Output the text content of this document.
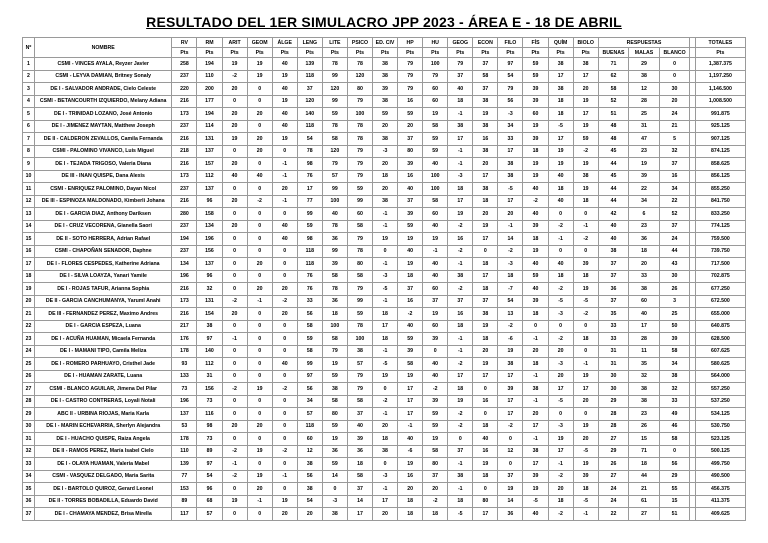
RESULTADO DEL 1ER SIMULACRO JPP 2023 - ÁREA E - 18 DE ABRIL
Nº	NOMBRE	RV	RM	ARIT	GEOM	ÁLGE	LENG	LITE	PSICO	ED. CIV	HP	HU	GEOG	ECON	FILO	FÍS	QUÍM	BIOLO	RESPUESTAS				TOTALES
		Pts	Pts	Pts	Pts	Pts	Pts	Pts	Pts	Pts	Pts	Pts	Pts	Pts	Pts	Pts	Pts	Pts	BUENAS	MALAS	BLANCO		Pts
1	CSMI - VINCES AYALA, Reyzer Javier	258	194	19	19	40	139	78	78	38	79	100	79	37	97	59	38	38	71	29	0		1,387.375
2	CSMI - LEYVA DAMIAN, Britney Sonaly	237	110	-2	19	19	118	99	120	38	79	79	37	58	54	59	17	17	62	38	0		1,197.250
3	DE I - SALVADOR ANDRADE, Cielo Celeste	220	200	20	0	40	37	120	80	39	79	60	40	37	79	39	38	20	58	12	30		1,146.500
4	CSMI - BETANCOURTH IZQUIERDO, Melany Adiana	216	177	0	0	19	120	99	79	38	16	60	18	38	56	39	18	19	52	28	20		1,008.500
5	DE I - TRINIDAD LOZANO, José Antonio	173	194	20	20	40	140	59	100	59	59	19	-1	19	-3	60	18	17	51	25	24		991.875
6	DE I - JIMENEZ MAYTAN, Matthew Joseph	237	114	20	0	40	118	78	78	20	20	58	38	38	34	19	-5	19	48	31	21		925.125
7	DE II - CALDERON ZEVALLOS, Camila Fernanda	216	131	19	20	19	54	58	78	38	37	59	17	16	33	39	17	59	48	47	5		907.125
8	CSMI - PALOMINO VIVANCO, Luis Miguel	218	137	0	20	0	78	120	79	-3	80	59	-1	38	17	18	19	-2	45	23	32		874.125
9	DE I - TEJADA TRIGOSO, Valeria Diana	216	157	20	0	-1	98	79	79	20	39	40	-1	20	38	19	19	19	44	19	37		858.625
10	DE III - INAN QUISPE, Dana Alexis	173	112	40	40	-1	76	57	79	18	16	100	-3	17	38	19	40	38	45	39	16		856.125
11	CSMI - ENRIQUEZ PALOMINO, Dayan Nicol	237	137	0	0	20	17	99	59	20	40	100	18	38	-5	40	18	19	44	22	34		855.250
12	DE III - ESPINOZA MALDONADO, Kimberli Johana	216	96	20	-2	-1	77	100	99	38	37	58	17	18	17	-2	40	18	44	34	22		841.750
13	DE I - GARCIA DIAZ, Anthony Dariksen	280	158	0	0	0	99	40	60	-1	39	60	19	20	20	40	0	0	42	6	52		833.250
14	DE I - CRUZ VECORENA, Gianella Saori	237	134	20	0	40	59	78	58	-1	59	40	-2	19	-1	39	-2	-1	40	23	37		774.125
15	DE II - SOTO HERRERA, Adrian Rafael	194	196	0	0	40	98	36	79	19	19	19	16	17	14	18	-1	-2	40	36	24		759.500
16	CSMI - CHAPOÑAN SENADOR, Daphne	237	156	0	0	0	118	99	78	0	40	-1	-2	0	-2	19	0	0	38	18	44		739.750
17	DE I - FLORES CESPEDES, Katherine Adriana	134	137	0	20	0	118	39	80	-1	19	40	-1	18	-3	40	40	39	37	20	43		717.500
18	DE I - SILVA LOAYZA, Yanari Yamile	196	96	0	0	0	76	58	58	-3	18	40	38	17	18	59	18	18	37	33	30		702.875
19	DE I - ROJAS TAFUR, Arianna Sophia	216	32	0	20	20	76	78	79	-5	37	60	-2	18	-7	40	-2	19	36	38	26		677.250
20	DE II - GARCIA CANCHUMANYA, Yaruml Anahi	173	131	-2	-1	-2	33	36	99	-1	16	37	37	37	54	39	-5	-5	37	60	3		672.500
21	DE III - FERNANDEZ PEREZ, Maximo Andres	216	154	20	0	20	56	18	59	18	-2	19	16	38	13	18	-3	-2	35	40	25		655.000
22	DE I - GARCIA ESPEZA, Luana	217	38	0	0	0	58	100	78	17	40	60	18	19	-2	0	0	0	33	17	50		640.875
23	DE I - ACUÑA HUAMAN, Micaela Fernanda	176	97	-1	0	0	59	58	100	18	59	39	-1	18	-6	-1	-2	18	33	28	39		628.500
24	DE I - MAMANI TIPO, Camila Meliza	178	140	0	0	0	58	79	38	-1	39	0	-1	20	19	20	20	0	31	11	58		607.625
25	DE I - ROMERO PARHUAYO, Cristhel Jade	93	112	0	0	40	99	19	57	-5	58	40	-2	19	38	18	-3	-1	31	35	34		580.625
26	DE I - HUAMAN ZARATE, Luana	133	31	0	0	0	97	59	79	19	19	40	17	17	17	-1	20	19	30	32	38		564.000
27	CSMI - BLANCO AGUILAR, Jimena Del Pilar	73	156	-2	19	-2	56	38	79	0	17	-2	18	0	39	38	17	17	30	38	32		557.250
28	DE I - CASTRO CONTRERAS, Loyali Notali	196	73	0	0	0	34	58	58	-2	17	39	19	16	17	-1	-5	20	29	38	33		537.250
29	ABC II - URBINA RIOJAS, Maria Karla	137	116	0	0	0	57	80	37	-1	17	59	-2	0	17	20	0	0	28	23	49		534.125
30	DE I - MARIN ECHEVARRIA, Sherlyn Alejandra	53	98	20	20	0	118	59	40	20	-1	59	-2	18	-2	17	-3	19	28	26	46		530.750
31	DE I - HUACHO QUISPE, Raiza Angela	178	73	0	0	0	60	19	39	18	40	19	0	40	0	-1	19	20	27	15	58		523.125
32	DE II - RAMOS PEREZ, María Isabel Cielo	110	89	-2	19	-2	12	36	36	38	-6	58	37	16	12	38	17	-5	29	71	0		500.125
33	DE I - OLAYA HUAMAN, Valeria Mabel	139	97	-1	0	0	38	59	18	0	19	80	-1	19	0	17	-1	19	26	18	56		499.750
34	CSMI - VASQUEZ DELGADO, Maria Sarita	77	54	-2	19	-1	56	14	58	-3	16	37	38	18	37	39	-2	39	27	44	29		490.500
35	DE I - BARTOLO QUIROZ, Gerard Leonel	153	96	0	20	0	38	0	37	-1	20	20	-1	0	19	19	20	18	24	21	55		456.375
36	DE II - TORRES BOBADILLA, Eduardo David	89	68	19	-1	19	54	-3	14	17	18	-2	18	80	14	-5	18	-5	24	61	15		411.375
37	DE I - CHAMAYA MENDEZ, Brisa Mirella	117	57	0	0	20	20	38	17	20	18	18	-5	17	36	40	-2	-1	22	27	51		409.625
